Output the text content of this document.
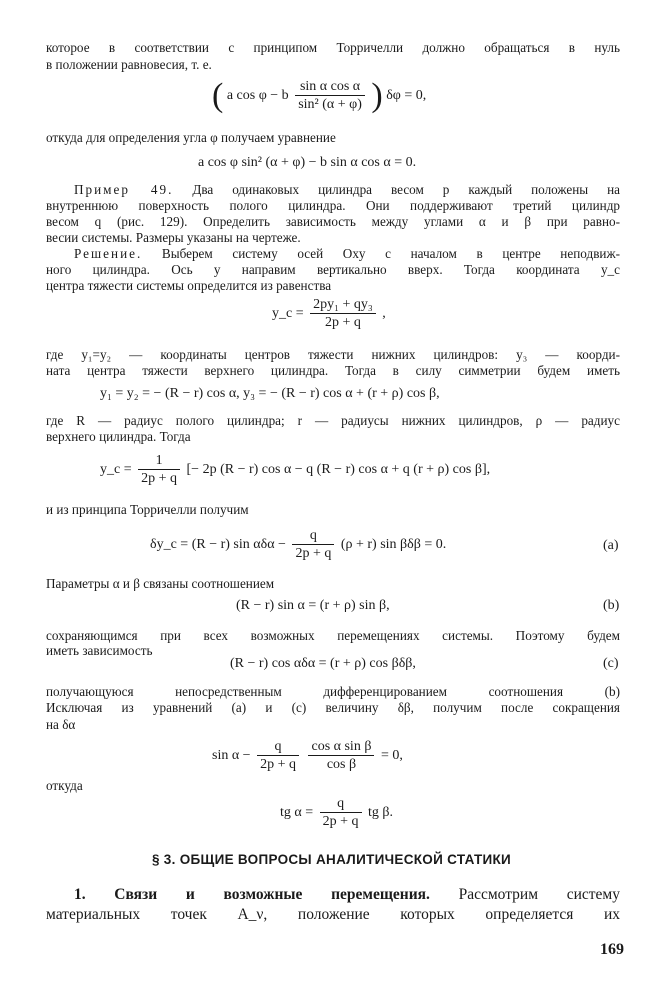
которое в соответствии с принципом Торричелли должно обращаться в нуль

в положении равновесия, т. е.

( a cos φ − b $\frac{\text{sin α cos α}}{\text{sin² (α + φ)}}$ ) δφ = 0,

откуда для определения угла φ получаем уравнение

a cos φ sin² (α + φ) − b sin α cos α = 0.

Пример 49. Два одинаковых цилиндра весом p каждый положены на

внутреннюю поверхность полого цилиндра. Они поддерживают третий цилиндр

весом q (рис. 129). Определить зависимость между углами α и β при равно-

весии системы. Размеры указаны на чертеже.

Решение. Выберем систему осей Oxy с началом в центре неподвиж-

ного цилиндра. Ось y направим вертикально вверх. Тогда координата y_c

центра тяжести системы определится из равенства

y_c = $\frac{\text{2py₁ + qy₃}}{2p + q}$ ,

где y₁=y₂ — координаты центров тяжести нижних цилиндров: y₃ — коорди-

ната центра тяжести верхнего цилиндра. Тогда в силу симметрии будем иметь

y₁ = y₂ = − (R − r) cos α, y₃ = − (R − r) cos α + (r + ρ) cos β,

где R — радиус полого цилиндра; r — радиусы нижних цилиндров, ρ — радиус

верхнего цилиндра. Тогда

y_c = $\frac{1}{2p + q}$ [− 2p (R − r) cos α − q (R − r) cos α + q (r + ρ) cos β],

и из принципа Торричелли получим

δy_c = (R − r) $\sin \alpha\delta\alpha - \frac{q}{2p + q} (\rho + r)$ sin βδβ = 0.	(a)

Параметры α и β связаны соотношением

(R − r) sin α = (r + ρ) sin β,	(b)

сохраняющимся при всех возможных перемещениях системы. Поэтому будем

иметь зависимость

(R − r) cos αδα = (r + ρ) cos βδβ,	(c)

получающуюся непосредственным дифференцированием соотношения (b)

Исключая из уравнений (a) и (c) величину δβ, получим после сокращения

на δα

$\sin \alpha - \frac{q}{2p + q}$
$\frac{\text{cos α sin β}}{\text{cos β}} = 0$,

откуда

tg $\alpha = \frac{q}{2p + q}$ tg β.
§ 3. ОБЩИЕ ВОПРОСЫ АНАЛИТИЧЕСКОЙ СТАТИКИ

1. Связи и возможные перемещения. Рассмотрим систему

материальных точек A_ν, положение которых определяется их

169
